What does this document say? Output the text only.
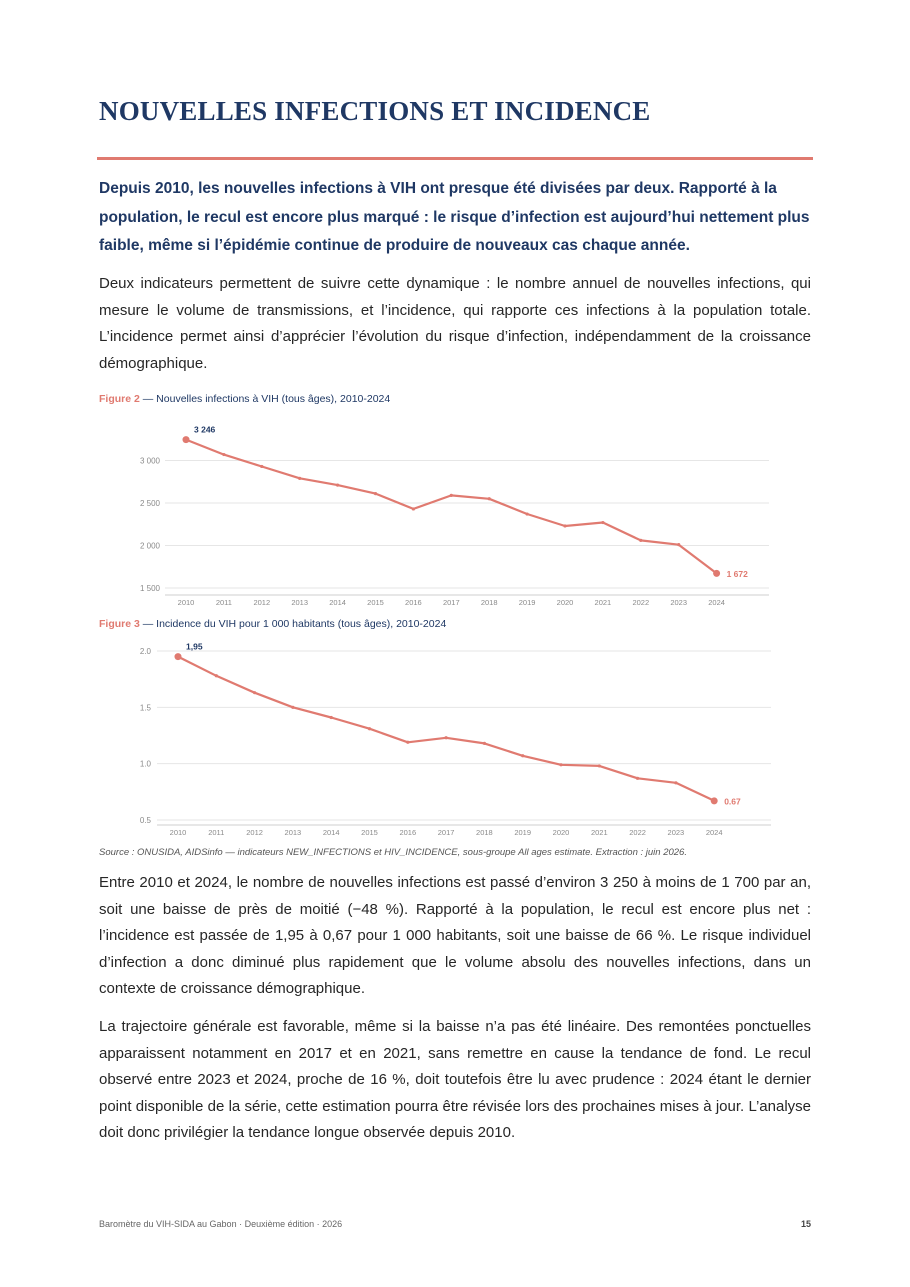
NOUVELLES INFECTIONS ET INCIDENCE

Depuis 2010, les nouvelles infections à VIH ont presque été divisées par deux. Rapporté à la population, le recul est encore plus marqué : le risque d’infection est aujourd’hui nettement plus faible, même si l’épidémie continue de produire de nouveaux cas chaque année.

Deux indicateurs permettent de suivre cette dynamique : le nombre annuel de nouvelles infections, qui mesure le volume de transmissions, et l’incidence, qui rapporte ces infections à la population totale. L’incidence permet ainsi d’apprécier l’évolution du risque d’infection, indépendamment de la croissance démographique.

Figure 2 — Nouvelles infections à VIH (tous âges), 2010-2024

1 500
2 000
2 500
3 000
2010	2011	2012	2013	2014	2015	2016	2017	2018	2019	2020	2021	2022	2023	2024
3 246
1 672

Figure 3 — Incidence du VIH pour 1 000 habitants (tous âges), 2010-2024

0.5
1.0
1.5
2.0
2010	2011	2012	2013	2014	2015	2016	2017	2018	2019	2020	2021	2022	2023	2024
1,95
0.67

Source : ONUSIDA, AIDSinfo — indicateurs NEW_INFECTIONS et HIV_INCIDENCE, sous-groupe All ages estimate. Extraction : juin 2026.

Entre 2010 et 2024, le nombre de nouvelles infections est passé d’environ 3 250 à moins de 1 700 par an, soit une baisse de près de moitié (−48 %). Rapporté à la population, le recul est encore plus net : l’incidence est passée de 1,95 à 0,67 pour 1 000 habitants, soit une baisse de 66 %. Le risque individuel d’infection a donc diminué plus rapidement que le volume absolu des nouvelles infections, dans un contexte de croissance démographique.

La trajectoire générale est favorable, même si la baisse n’a pas été linéaire. Des remontées ponctuelles apparaissent notamment en 2017 et en 2021, sans remettre en cause la tendance de fond. Le recul observé entre 2023 et 2024, proche de 16 %, doit toutefois être lu avec prudence : 2024 étant le dernier point disponible de la série, cette estimation pourra être révisée lors des prochaines mises à jour. L’analyse doit donc privilégier la tendance longue observée depuis 2010.

Baromètre du VIH-SIDA au Gabon · Deuxième édition · 2026	15
